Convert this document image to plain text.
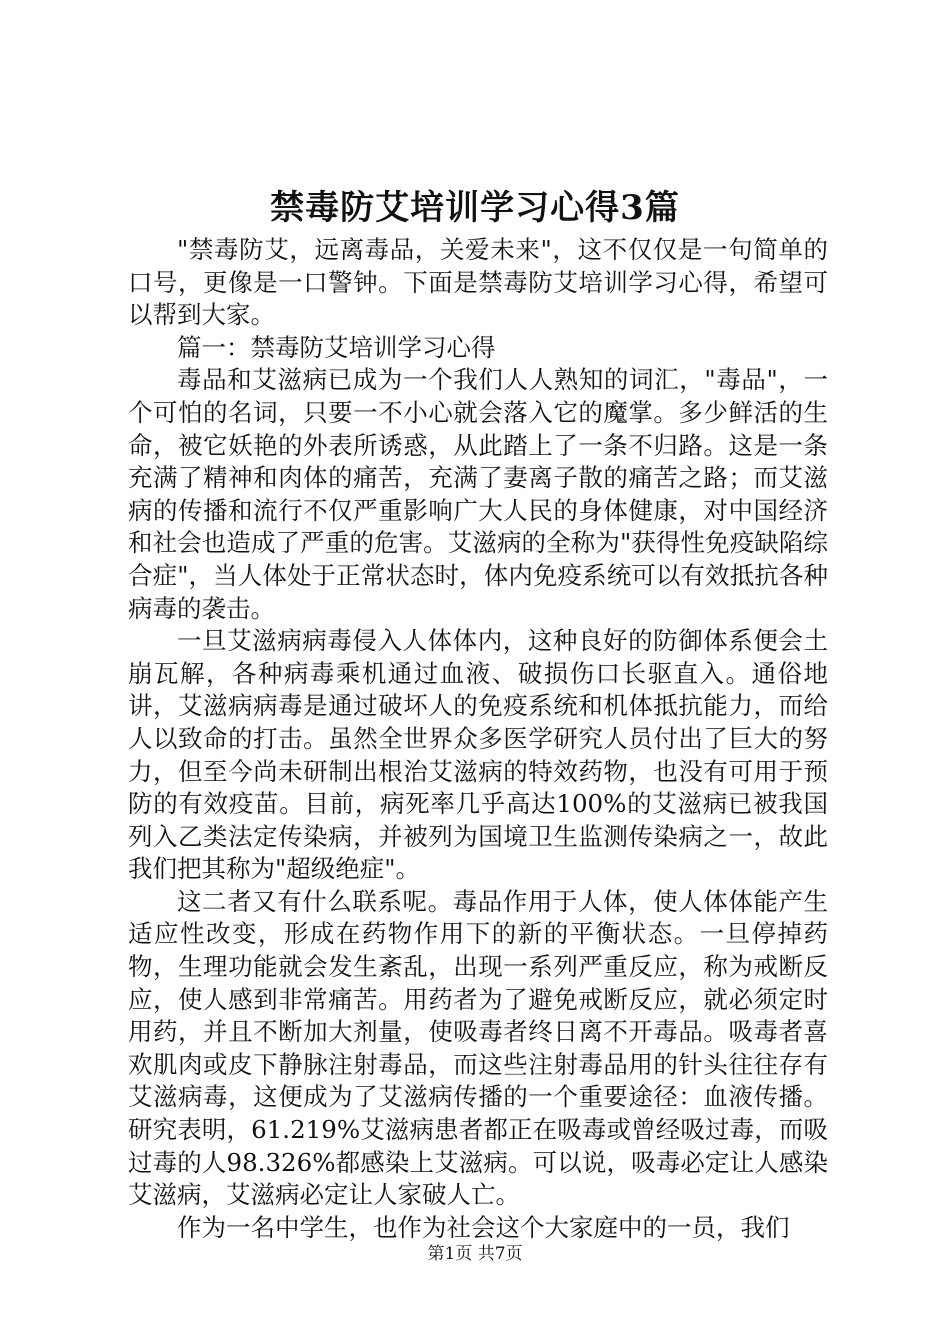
禁毒防艾培训学习心得3篇

"禁毒防艾，远离毒品，关爱未来"，这不仅仅是一句简单的口号，更像是一口警钟。下面是禁毒防艾培训学习心得，希望可以帮到大家。

篇一：禁毒防艾培训学习心得

毒品和艾滋病已成为一个我们人人熟知的词汇，"毒品"，一个可怕的名词，只要一不小心就会落入它的魔掌。多少鲜活的生命，被它妖艳的外表所诱惑，从此踏上了一条不归路。这是一条充满了精神和肉体的痛苦，充满了妻离子散的痛苦之路；而艾滋病的传播和流行不仅严重影响广大人民的身体健康，对中国经济和社会也造成了严重的危害。艾滋病的全称为"获得性免疫缺陷综合症"，当人体处于正常状态时，体内免疫系统可以有效抵抗各种病毒的袭击。

一旦艾滋病病毒侵入人体体内，这种良好的防御体系便会土崩瓦解，各种病毒乘机通过血液、破损伤口长驱直入。通俗地讲，艾滋病病毒是通过破坏人的免疫系统和机体抵抗能力，而给人以致命的打击。虽然全世界众多医学研究人员付出了巨大的努力，但至今尚未研制出根治艾滋病的特效药物，也没有可用于预防的有效疫苗。目前，病死率几乎高达100%的艾滋病已被我国列入乙类法定传染病，并被列为国境卫生监测传染病之一，故此我们把其称为"超级绝症"。

这二者又有什么联系呢。毒品作用于人体，使人体体能产生适应性改变，形成在药物作用下的新的平衡状态。一旦停掉药物，生理功能就会发生紊乱，出现一系列严重反应，称为戒断反应，使人感到非常痛苦。用药者为了避免戒断反应，就必须定时用药，并且不断加大剂量，使吸毒者终日离不开毒品。吸毒者喜欢肌肉或皮下静脉注射毒品，而这些注射毒品用的针头往往存有艾滋病毒，这便成为了艾滋病传播的一个重要途径：血液传播。研究表明，61.219%艾滋病患者都正在吸毒或曾经吸过毒，而吸过毒的人98.326%都感染上艾滋病。可以说，吸毒必定让人感染艾滋病，艾滋病必定让人家破人亡。

作为一名中学生，也作为社会这个大家庭中的一员，我们

第1页 共7页
